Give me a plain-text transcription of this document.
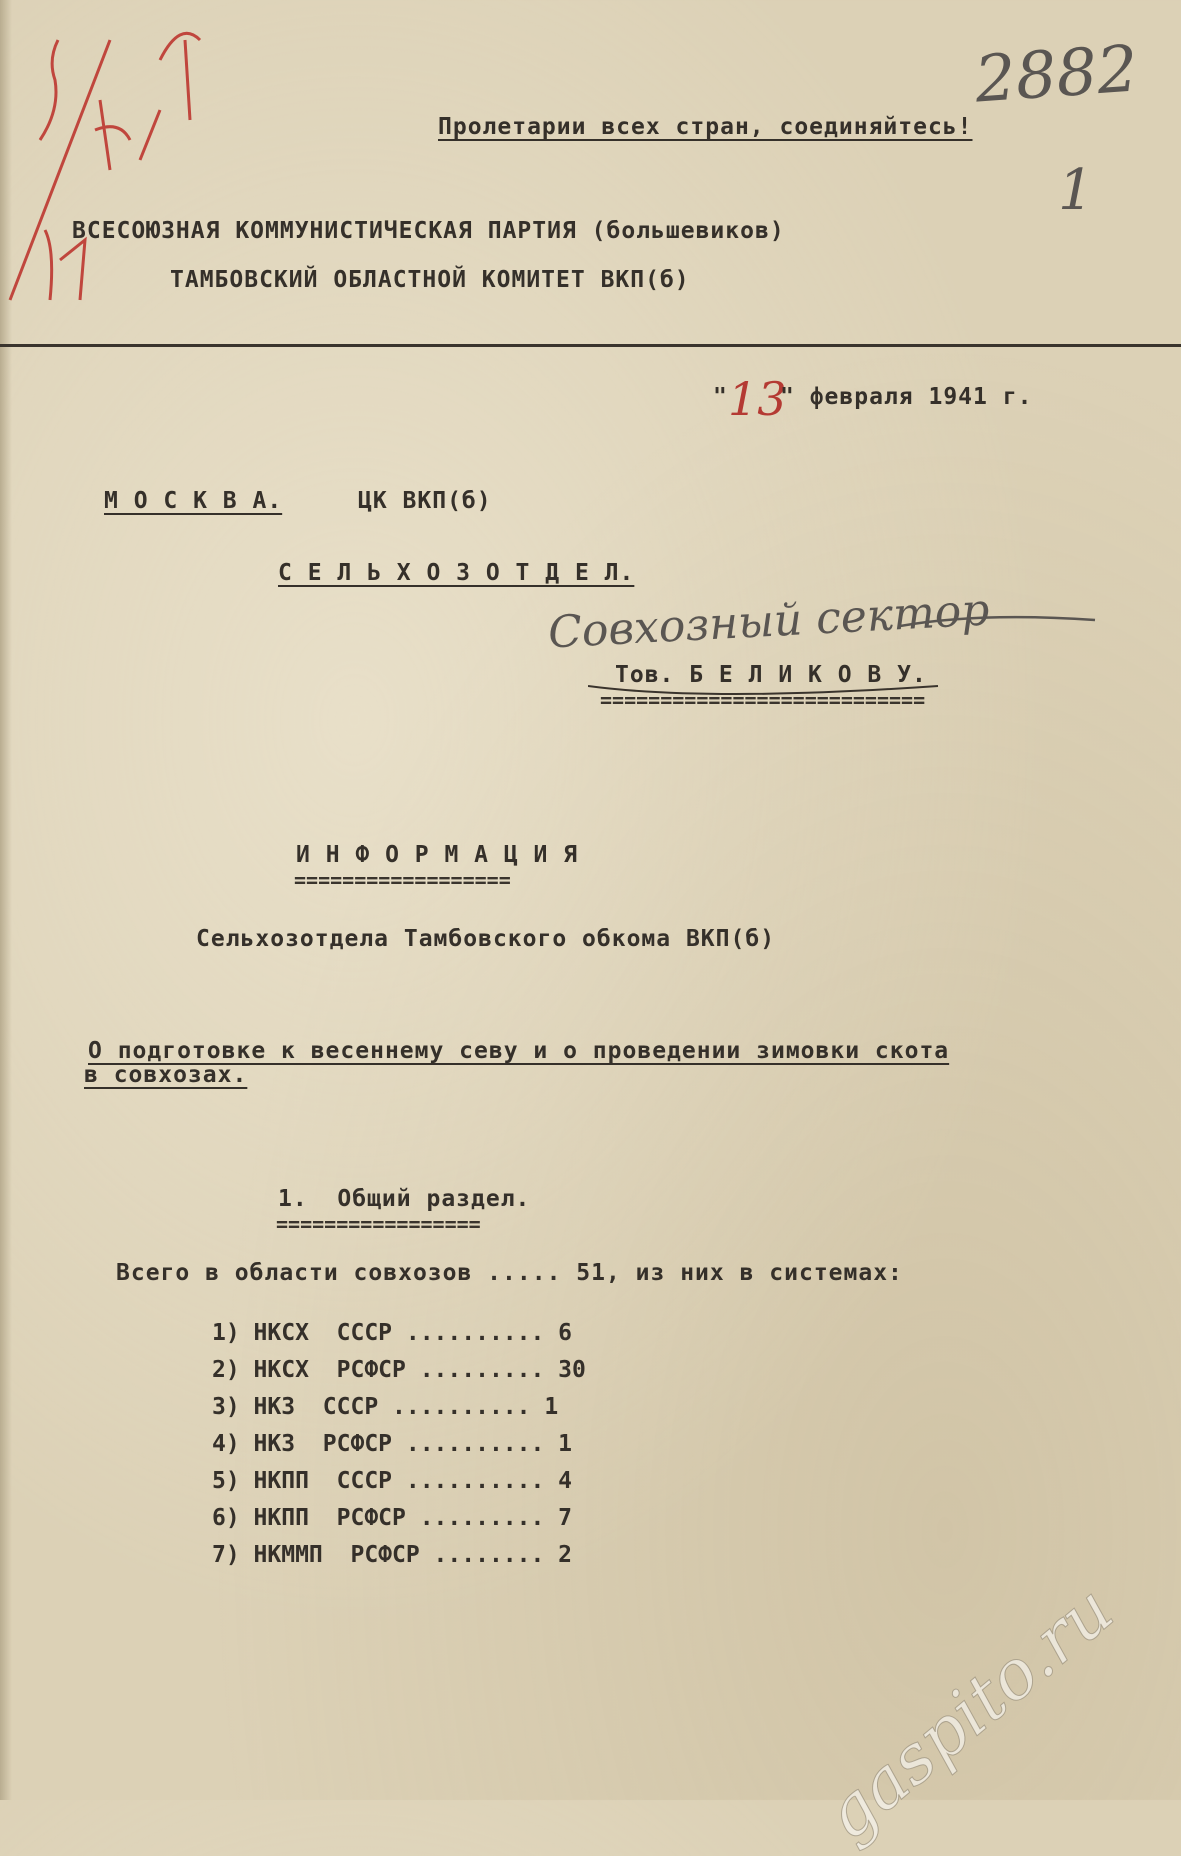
2882
1
Пролетарии всех стран, соединяйтесь!
ВСЕСОЮЗНАЯ КОММУНИСТИЧЕСКАЯ ПАРТИЯ (большевиков)
ТАМБОВСКИЙ ОБЛАСТНОЙ КОМИТЕТ ВКП(б)
" 13
" февраля 1941 г.
М О С К В А.	ЦК ВКП(б)
С Е Л Ь Х О З О Т Д Е Л.
Совхозный сектор
Тов. Б Е Л И К О В У.
===========================
И Н Ф О Р М А Ц И Я
==================
Сельхозотдела Тамбовского обкома ВКП(б)
О подготовке к весеннему севу и о проведении зимовки скота
в совхозах.
1.  Общий раздел.
=================
Всего в области совхозов ..... 51, из них в системах:
1) НКСХ  СССР .......... 6
2) НКСХ  РСФСР ......... 30
3) НКЗ  СССР .......... 1
4) НКЗ  РСФСР .......... 1
5) НКПП  СССР .......... 4
6) НКПП  РСФСР ......... 7
7) НКММП  РСФСР ........ 2
gaspito.ru
